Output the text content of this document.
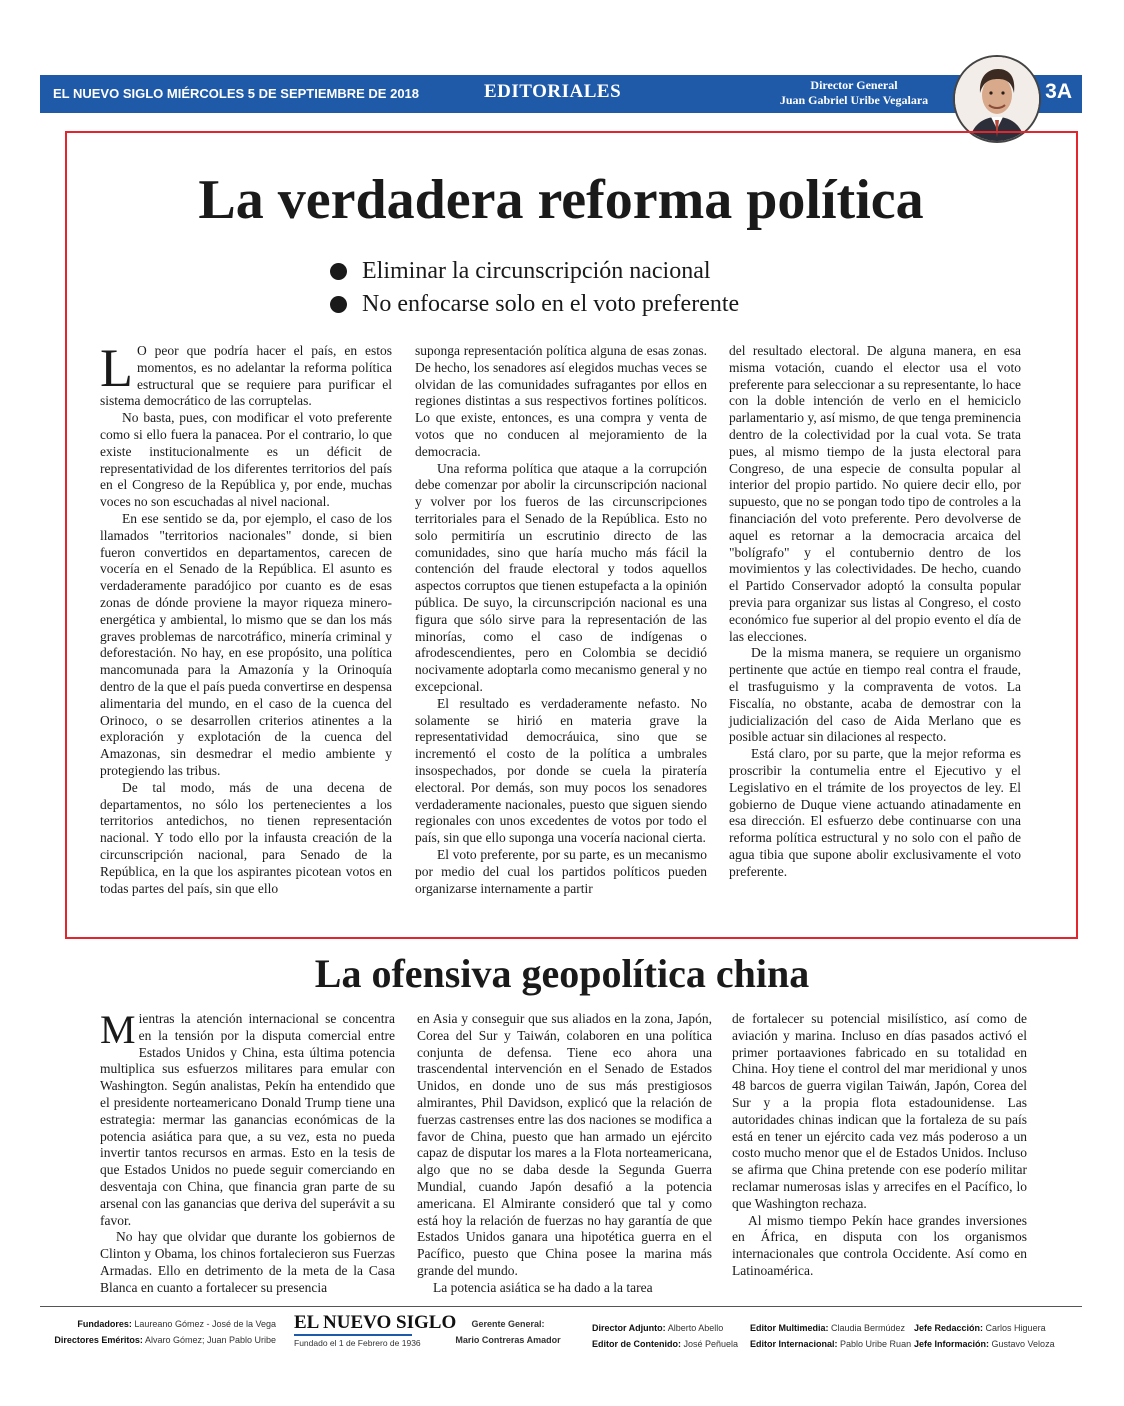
EL NUEVO SIGLO MIÉRCOLES 5 DE SEPTIEMBRE DE 2018	EDITORIALES	Director General
Juan Gabriel Uribe Vegalara	3A
La verdadera reforma política
Eliminar la circunscripción nacional
No enfocarse solo en el voto preferente

L O peor que podría hacer el país, en estos momentos, es no adelantar la reforma política estructural que se requiere para purificar el sistema democrático de las corruptelas.

No basta, pues, con modificar el voto preferente como si ello fuera la panacea. Por el contrario, lo que existe institucionalmente es un déficit de representatividad de los diferentes territorios del país en el Congreso de la República y, por ende, muchas voces no son escuchadas al nivel nacional.

En ese sentido se da, por ejemplo, el caso de los llamados "territorios nacionales" donde, si bien fueron convertidos en departamentos, carecen de vocería en el Senado de la República. El asunto es verdaderamente paradójico por cuanto es de esas zonas de dónde proviene la mayor riqueza minero-energética y ambiental, lo mismo que se dan los más graves problemas de narcotráfico, minería criminal y deforestación. No hay, en ese propósito, una política mancomunada para la Amazonía y la Orinoquía dentro de la que el país pueda convertirse en despensa alimentaria del mundo, en el caso de la cuenca del Orinoco, o se desarrollen criterios atinentes a la exploración y explotación de la cuenca del Amazonas, sin desmedrar el medio ambiente y protegiendo las tribus.

De tal modo, más de una decena de departamentos, no sólo los pertenecientes a los territorios antedichos, no tienen representación nacional. Y todo ello por la infausta creación de la circunscripción nacional, para Senado de la República, en la que los aspirantes picotean votos en todas partes del país, sin que ello

suponga representación política alguna de esas zonas. De hecho, los senadores así elegidos muchas veces se olvidan de las comunidades sufragantes por ellos en regiones distintas a sus respectivos fortines políticos. Lo que existe, entonces, es una compra y venta de votos que no conducen al mejoramiento de la democracia.

Una reforma política que ataque a la corrupción debe comenzar por abolir la circunscripción nacional y volver por los fueros de las circunscripciones territoriales para el Senado de la República. Esto no solo permitiría un escrutinio directo de las comunidades, sino que haría mucho más fácil la contención del fraude electoral y todos aquellos aspectos corruptos que tienen estupefacta a la opinión pública. De suyo, la circunscripción nacional es una figura que sólo sirve para la representación de las minorías, como el caso de indígenas o afrodescendientes, pero en Colombia se decidió nocivamente adoptarla como mecanismo general y no excepcional.

El resultado es verdaderamente nefasto. No solamente se hirió en materia grave la representatividad democráuica, sino que se incrementó el costo de la política a umbrales insospechados, por donde se cuela la piratería electoral. Por demás, son muy pocos los senadores verdaderamente nacionales, puesto que siguen siendo regionales con unos excedentes de votos por todo el país, sin que ello suponga una vocería nacional cierta.

El voto preferente, por su parte, es un mecanismo por medio del cual los partidos políticos pueden organizarse internamente a partir

del resultado electoral. De alguna manera, en esa misma votación, cuando el elector usa el voto preferente para seleccionar a su representante, lo hace con la doble intención de verlo en el hemiciclo parlamentario y, así mismo, de que tenga preminencia dentro de la colectividad por la cual vota. Se trata pues, al mismo tiempo de la justa electoral para Congreso, de una especie de consulta popular al interior del propio partido. No quiere decir ello, por supuesto, que no se pongan todo tipo de controles a la financiación del voto preferente. Pero devolverse de aquel es retornar a la democracia arcaica del "bolígrafo" y el contubernio dentro de los movimientos y las colectividades. De hecho, cuando el Partido Conservador adoptó la consulta popular previa para organizar sus listas al Congreso, el costo económico fue superior al del propio evento el día de las elecciones.

De la misma manera, se requiere un organismo pertinente que actúe en tiempo real contra el fraude, el trasfuguismo y la compraventa de votos. La Fiscalía, no obstante, acaba de demostrar con la judicialización del caso de Aida Merlano que es posible actuar sin dilaciones al respecto.

Está claro, por su parte, que la mejor reforma es proscribir la contumelia entre el Ejecutivo y el Legislativo en el trámite de los proyectos de ley. El gobierno de Duque viene actuando atinadamente en esa dirección. El esfuerzo debe continuarse con una reforma política estructural y no solo con el paño de agua tibia que supone abolir exclusivamente el voto preferente.

La ofensiva geopolítica china

Mientras la atención internacional se concentra en la tensión por la disputa comercial entre Estados Unidos y China, esta última potencia multiplica sus esfuerzos militares para emular con Washington. Según analistas, Pekín ha entendido que el presidente norteamericano Donald Trump tiene una estrategia: mermar las ganancias económicas de la potencia asiática para que, a su vez, esta no pueda invertir tantos recursos en armas. Esto en la tesis de que Estados Unidos no puede seguir comerciando en desventaja con China, que financia gran parte de su arsenal con las ganancias que deriva del superávit a su favor.

No hay que olvidar que durante los gobiernos de Clinton y Obama, los chinos fortalecieron sus Fuerzas Armadas. Ello en detrimento de la meta de la Casa Blanca en cuanto a fortalecer su presencia

en Asia y conseguir que sus aliados en la zona, Japón, Corea del Sur y Taiwán, colaboren en una política conjunta de defensa. Tiene eco ahora una trascendental intervención en el Senado de Estados Unidos, en donde uno de sus más prestigiosos almirantes, Phil Davidson, explicó que la relación de fuerzas castrenses entre las dos naciones se modifica a favor de China, puesto que han armado un ejército capaz de disputar los mares a la Flota norteamericana, algo que no se daba desde la Segunda Guerra Mundial, cuando Japón desafió a la potencia americana. El Almirante consideró que tal y como está hoy la relación de fuerzas no hay garantía de que Estados Unidos ganara una hipotética guerra en el Pacífico, puesto que China posee la marina más grande del mundo.

La potencia asiática se ha dado a la tarea

de fortalecer su potencial misilístico, así como de aviación y marina. Incluso en días pasados activó el primer portaaviones fabricado en su totalidad en China. Hoy tiene el control del mar meridional y unos 48 barcos de guerra vigilan Taiwán, Japón, Corea del Sur y a la propia flota estadounidense. Las autoridades chinas indican que la fortaleza de su país está en tener un ejército cada vez más poderoso a un costo mucho menor que el de Estados Unidos. Incluso se afirma que China pretende con ese poderío militar reclamar numerosas islas y arrecifes en el Pacífico, lo que Washington rechaza.

Al mismo tiempo Pekín hace grandes inversiones en África, en disputa con los organismos internacionales que controla Occidente. Así como en Latinoamérica.

Fundadores: Laureano Gómez - José de la Vega
Directores Eméritos: Alvaro Gómez; Juan Pablo Uribe
EL NUEVO SIGLO
Fundado el 1 de Febrero de 1936
Gerente General:
Mario Contreras Amador
Director Adjunto: Alberto Abello
Editor de Contenido: José Peñuela
Editor Multimedia: Claudia Bermúdez
Editor Internacional: Pablo Uribe Ruan
Jefe Redacción: Carlos Higuera
Jefe Información: Gustavo Veloza
